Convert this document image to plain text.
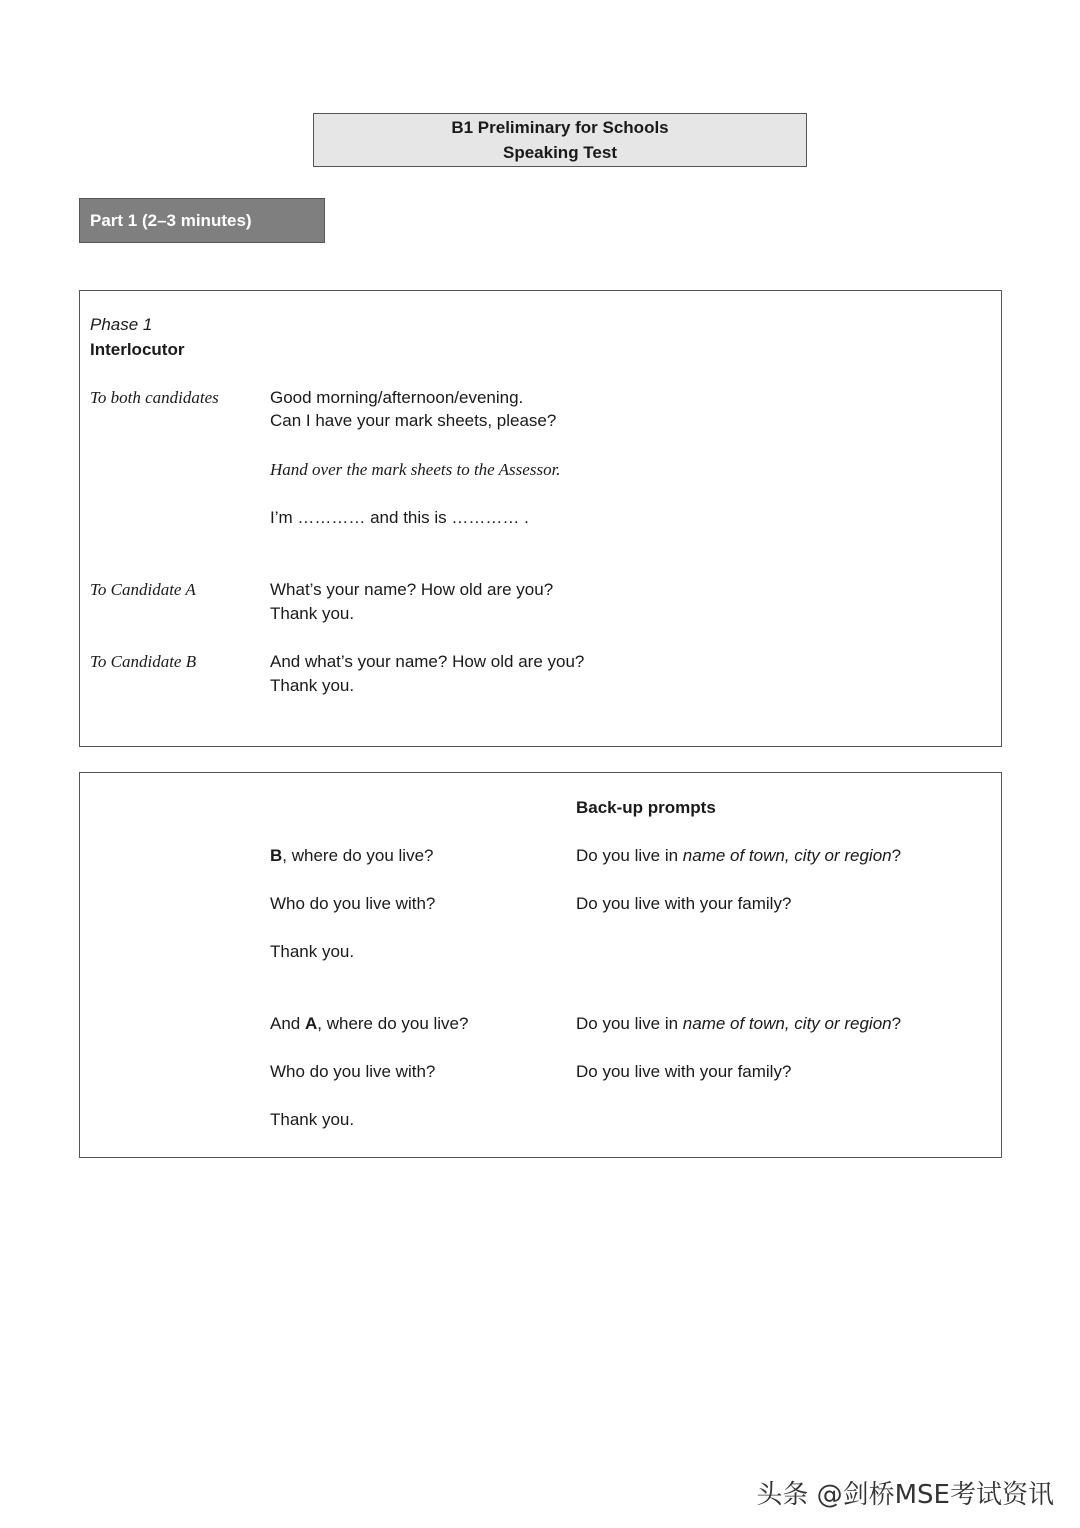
B1 Preliminary for Schools
Speaking Test
Part 1 (2–3 minutes)
Phase 1
Interlocutor
To both candidates	Good morning/afternoon/evening.
Can I have your mark sheets, please?
Hand over the mark sheets to the Assessor.
I’m ………… and this is ………… .
To Candidate A	What’s your name? How old are you?
Thank you.
To Candidate B	And what’s your name? How old are you?
Thank you.
Back-up prompts
B, where do you live?	Do you live in name of town, city or region?
Who do you live with?	Do you live with your family?
Thank you.
And A, where do you live?	Do you live in name of town, city or region?
Who do you live with?	Do you live with your family?
Thank you.
头条 @剑桥MSE考试资讯
